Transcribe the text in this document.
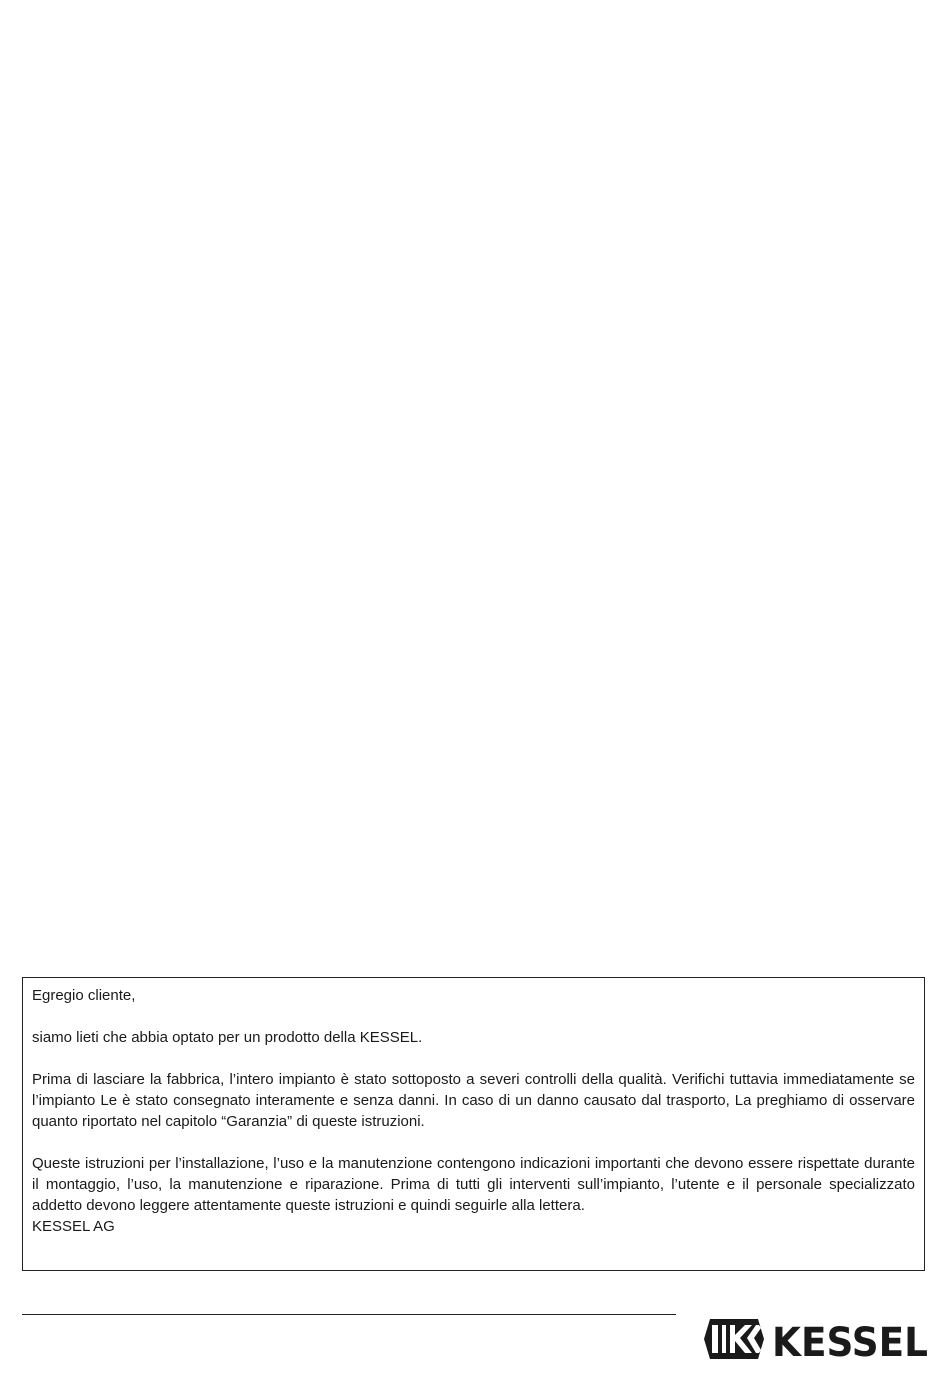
Egregio cliente,

siamo lieti che abbia optato per un prodotto della KESSEL.

Prima di lasciare la fabbrica, l’intero impianto è stato sottoposto a severi controlli della qualità. Verifichi tuttavia immediatamente se l’impianto Le è stato consegnato interamente e senza danni. In caso di un danno causato dal trasporto, La preghiamo di osservare quanto riportato nel capitolo “Garanzia” di queste istruzioni.

Queste istruzioni per l’installazione, l’uso e la manutenzione contengono indicazioni importanti che devono essere rispettate durante il montaggio, l’uso, la manutenzione e riparazione. Prima di tutti gli interventi sull’impianto, l’utente e il personale specializzato addetto devono leggere attentamente queste istruzioni e quindi seguirle alla lettera.

KESSEL AG

KESSEL
